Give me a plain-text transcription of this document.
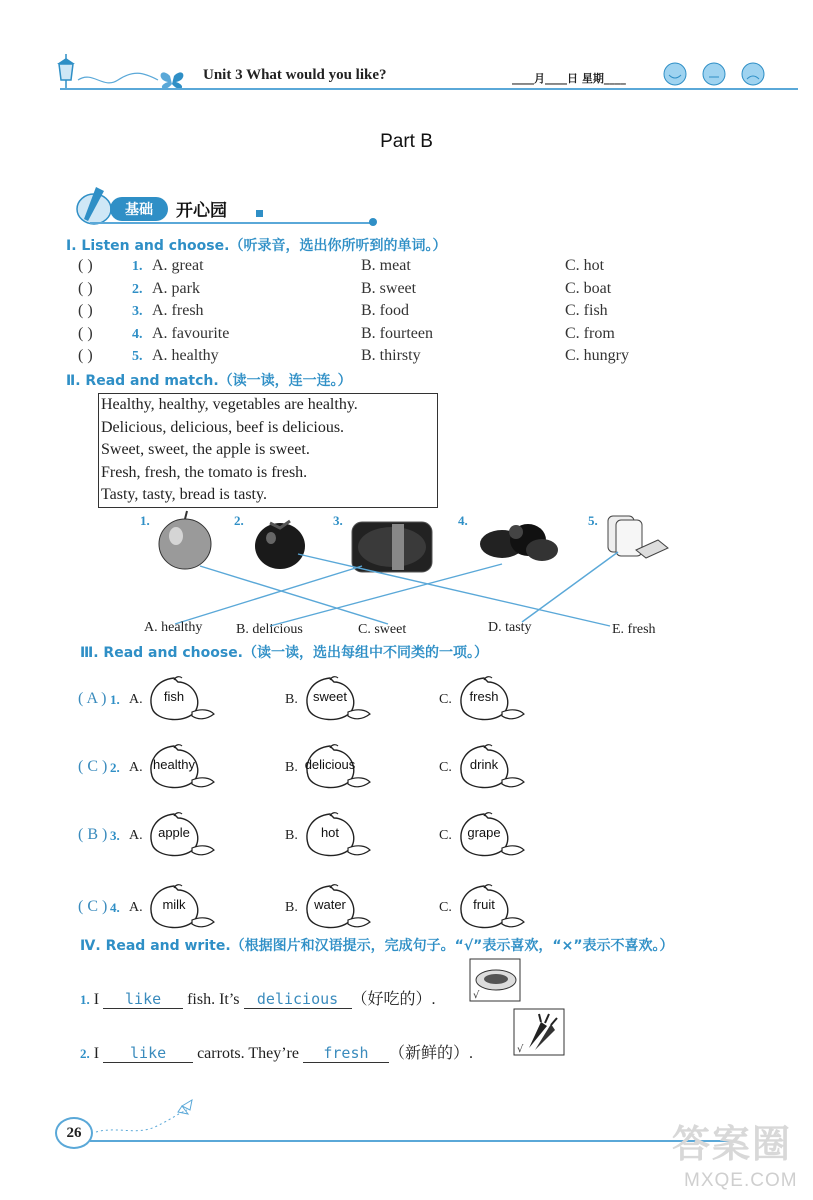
Unit 3 What would you like?	____月____日 星期____
Part B
基础 开心园
Ⅰ. Listen and choose.（听录音，选出你所听到的单词。）
( )	1. A. great	B. meat	C. hot
( )	2. A. park	B. sweet	C. boat
( )	3. A. fresh	B. food	C. fish
( )	4. A. favourite	B. fourteen	C. from
( )	5. A. healthy	B. thirsty	C. hungry
Ⅱ. Read and match.（读一读，连一连。）
Healthy, healthy, vegetables are healthy.
Delicious, delicious, beef is delicious.
Sweet, sweet, the apple is sweet.
Fresh, fresh, the tomato is fresh.
Tasty, tasty, bread is tasty.
1.	2.	3.	4.	5.
A. healthy B. delicious	C. sweet	D. tasty	E. fresh
Ⅲ. Read and choose.（读一读，选出每组中不同类的一项。）
( A ) 1. A.	fish	B.	sweet	C.	fresh
( C ) 2. A. healthy	B. delicious	C.	drink
( B ) 3. A.	apple	B.	hot	C.	grape
( C ) 4. A.	milk	B.	water	C.	fruit
Ⅳ. Read and write.（根据图片和汉语提示，完成句子。“√”表示喜欢，“×”表示不喜欢。）
1. I like fish. It’s delicious （好吃的）.	√
2. I like carrots. They’re fresh （新鲜的）.	√
26	答案圈
MXQE.COM
